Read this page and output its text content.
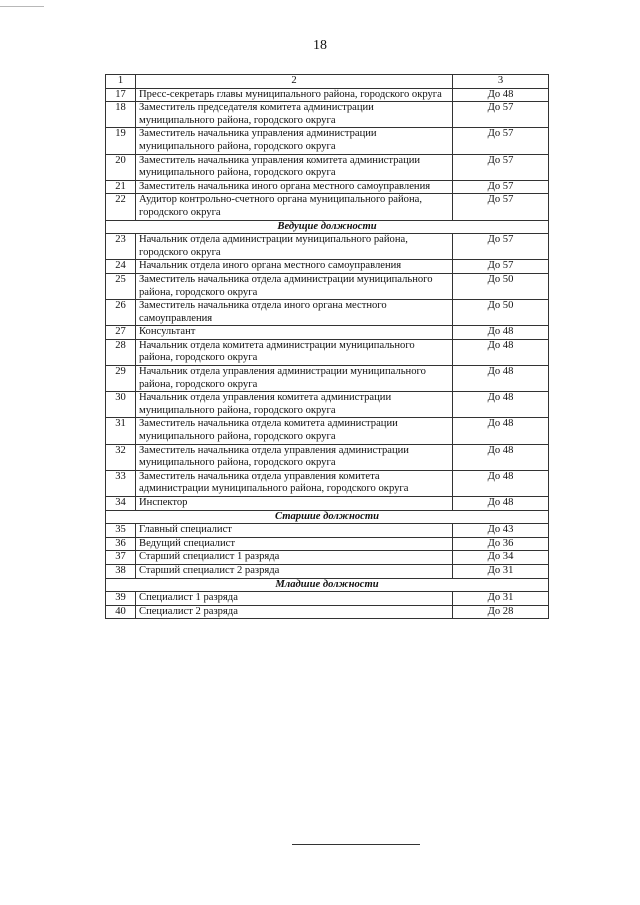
18
1	2	3
17	Пресс-секретарь главы муниципального района, городского округа	До 48
18	Заместитель председателя комитета администрации муниципального района, городского округа	До 57
19	Заместитель начальника управления администрации муниципального района, городского округа	До 57
20	Заместитель начальника управления комитета администрации муниципального района, городского округа	До 57
21	Заместитель начальника иного органа местного самоуправления	До 57
22	Аудитор контрольно-счетного органа муниципального района, городского округа	До 57
Ведущие должности		
23	Начальник отдела администрации муниципального района, городского округа	До 57
24	Начальник отдела иного органа местного самоуправления	До 57
25	Заместитель начальника отдела администрации муниципального района, городского округа	До 50
26	Заместитель начальника отдела иного органа местного самоуправления	До 50
27	Консультант	До 48
28	Начальник отдела комитета администрации муниципального района, городского округа	До 48
29	Начальник отдела управления администрации муниципального района, городского округа	До 48
30	Начальник отдела управления комитета администрации муниципального района, городского округа	До 48
31	Заместитель начальника отдела комитета администрации муниципального района, городского округа	До 48
32	Заместитель начальника отдела управления администрации муниципального района, городского округа	До 48
33	Заместитель начальника отдела управления комитета администрации муниципального района, городского округа	До 48
34	Инспектор	До 48
Старшие должности		
35	Главный специалист	До 43
36	Ведущий специалист	До 36
37	Старший специалист 1 разряда	До 34
38	Старший специалист 2 разряда	До 31
Младшие должности		
39	Специалист 1 разряда	До 31
40	Специалист 2 разряда	До 28
